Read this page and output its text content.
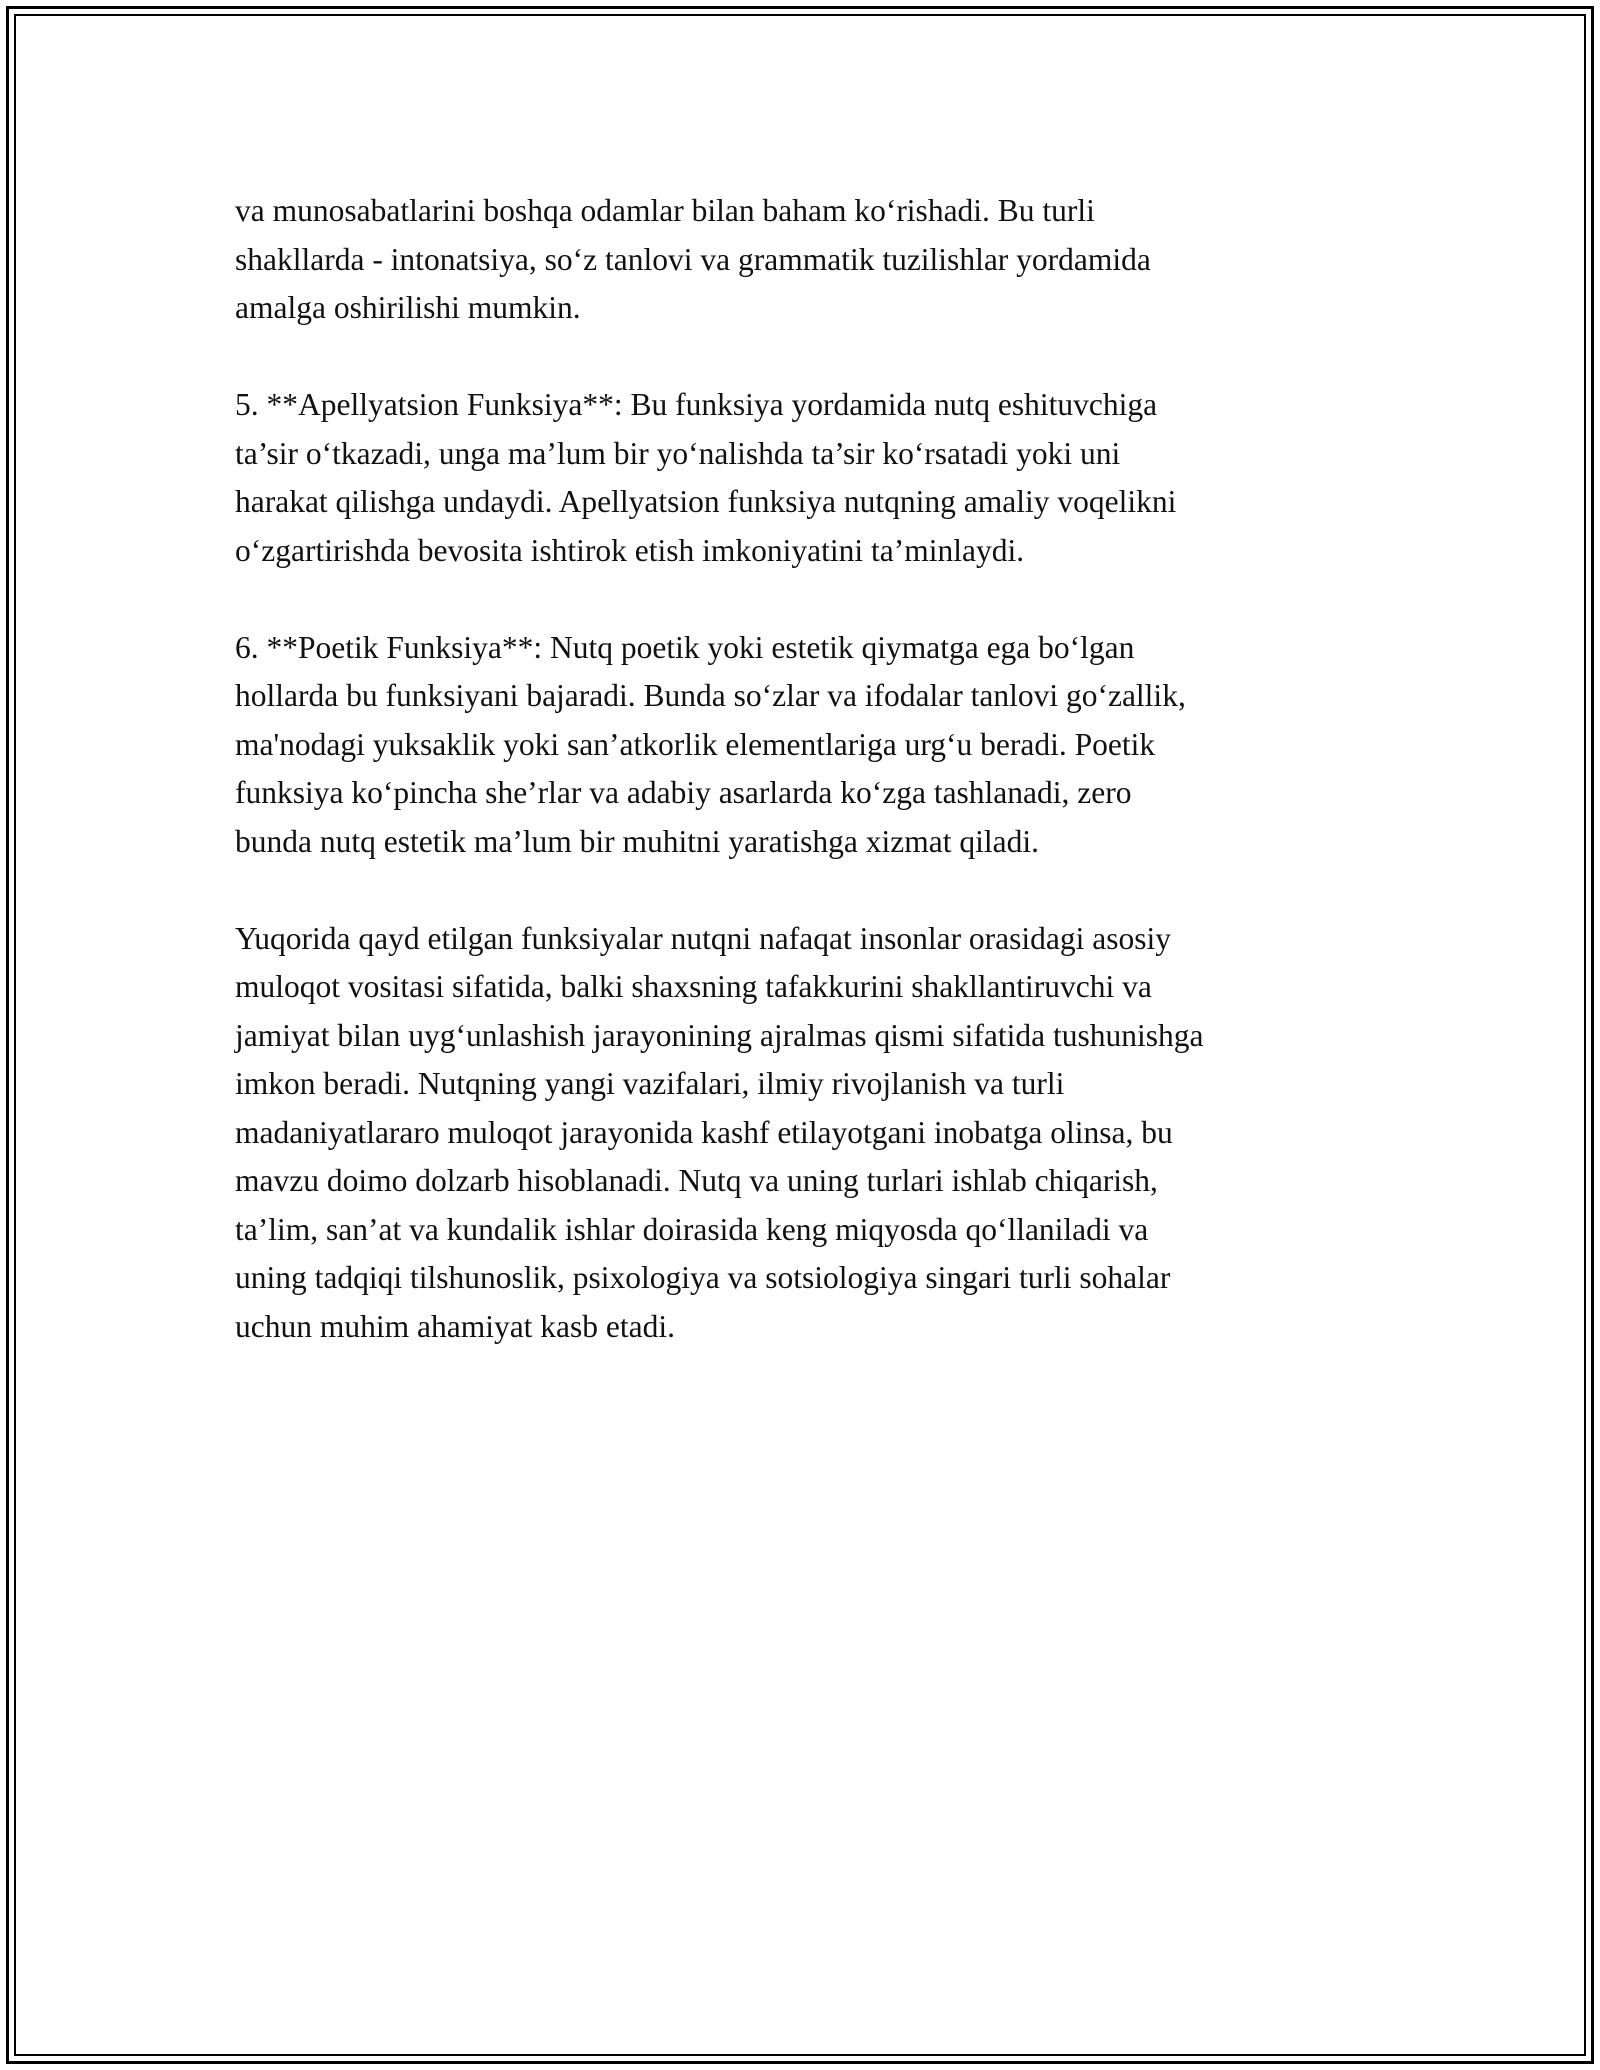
va munosabatlarini boshqa odamlar bilan baham ko‘rishadi. Bu turli
shakllarda - intonatsiya, so‘z tanlovi va grammatik tuzilishlar yordamida
amalga oshirilishi mumkin.

5. **Apellyatsion Funksiya**: Bu funksiya yordamida nutq eshituvchiga
ta’sir o‘tkazadi, unga ma’lum bir yo‘nalishda ta’sir ko‘rsatadi yoki uni
harakat qilishga undaydi. Apellyatsion funksiya nutqning amaliy voqelikni
o‘zgartirishda bevosita ishtirok etish imkoniyatini ta’minlaydi.

6. **Poetik Funksiya**: Nutq poetik yoki estetik qiymatga ega bo‘lgan
hollarda bu funksiyani bajaradi. Bunda so‘zlar va ifodalar tanlovi go‘zallik,
ma'nodagi yuksaklik yoki san’atkorlik elementlariga urg‘u beradi. Poetik
funksiya ko‘pincha she’rlar va adabiy asarlarda ko‘zga tashlanadi, zero
bunda nutq estetik ma’lum bir muhitni yaratishga xizmat qiladi.

Yuqorida qayd etilgan funksiyalar nutqni nafaqat insonlar orasidagi asosiy
muloqot vositasi sifatida, balki shaxsning tafakkurini shakllantiruvchi va
jamiyat bilan uyg‘unlashish jarayonining ajralmas qismi sifatida tushunishga
imkon beradi. Nutqning yangi vazifalari, ilmiy rivojlanish va turli
madaniyatlararo muloqot jarayonida kashf etilayotgani inobatga olinsa, bu
mavzu doimo dolzarb hisoblanadi. Nutq va uning turlari ishlab chiqarish,
ta’lim, san’at va kundalik ishlar doirasida keng miqyosda qo‘llaniladi va
uning tadqiqi tilshunoslik, psixologiya va sotsiologiya singari turli sohalar
uchun muhim ahamiyat kasb etadi.
